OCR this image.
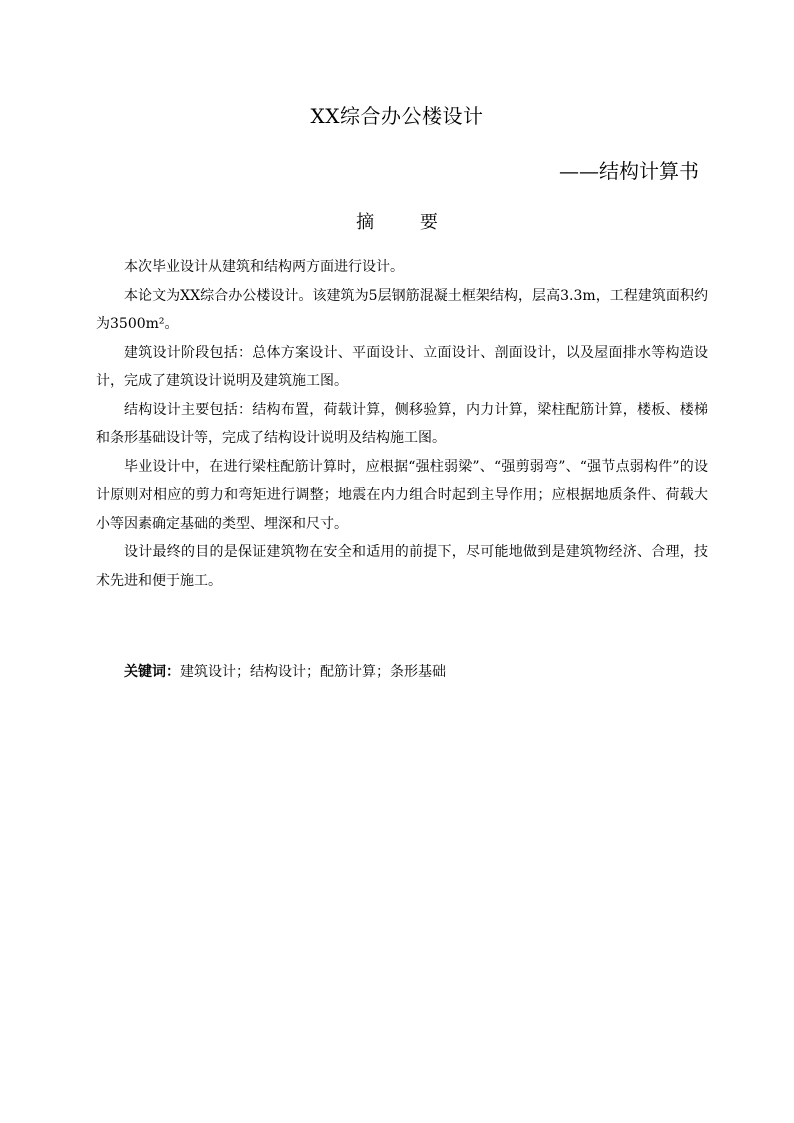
XX综合办公楼设计
——结构计算书
摘 要

本次毕业设计从建筑和结构两方面进行设计。

本论文为XX综合办公楼设计。该建筑为5层钢筋混凝土框架结构，层高3.3m，工程建筑面积约为3500m²。

建筑设计阶段包括：总体方案设计、平面设计、立面设计、剖面设计，以及屋面排水等构造设计，完成了建筑设计说明及建筑施工图。

结构设计主要包括：结构布置，荷载计算，侧移验算，内力计算，梁柱配筋计算，楼板、楼梯和条形基础设计等，完成了结构设计说明及结构施工图。

毕业设计中，在进行梁柱配筋计算时，应根据“强柱弱梁”、“强剪弱弯”、“强节点弱构件”的设计原则对相应的剪力和弯矩进行调整；地震在内力组合时起到主导作用；应根据地质条件、荷载大小等因素确定基础的类型、埋深和尺寸。

设计最终的目的是保证建筑物在安全和适用的前提下，尽可能地做到是建筑物经济、合理，技术先进和便于施工。

关键词：建筑设计；结构设计；配筋计算；条形基础
